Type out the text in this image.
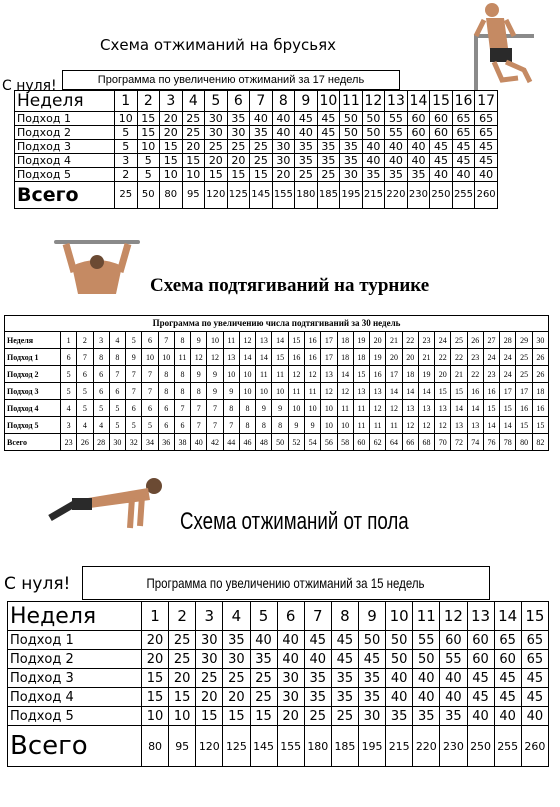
Схема отжиманий на брусьях
С нуля!	Программа по увеличению отжиманий за 17 недель
Неделя	1	2	3	4	5	6	7	8	9	10	11	12	13	14	15	16	17
Подход 1	10	15	20	25	30	35	40	40	45	45	50	50	55	60	60	65	65
Подход 2	5	15	20	25	30	30	35	40	40	45	50	50	55	60	60	65	65
Подход 3	5	10	15	20	25	25	25	30	35	35	35	40	40	40	45	45	45
Подход 4	3	5	15	15	20	20	25	30	35	35	35	40	40	40	45	45	45
Подход 5	2	5	10	10	15	15	15	20	25	25	30	35	35	35	40	40	40
Всего	25	50	80	95	120	125	145	155	180	185	195	215	220	230	250	255	260
Схема подтягиваний на турнике
Программа по увеличению числа подтягиваний за 30 недель																														
Неделя	1	2	3	4	5	6	7	8	9	10	11	12	13	14	15	16	17	18	19	20	21	22	23	24	25	26	27	28	29	30
Подход 1	6	7	8	8	9	10	10	11	12	12	13	14	14	15	16	16	17	18	18	19	20	20	21	22	22	23	24	24	25	26
Подход 2	5	6	6	7	7	7	8	8	9	9	10	10	11	11	12	12	13	14	15	16	17	18	19	20	21	22	23	24	25	26
Подход 3	5	5	6	6	7	7	8	8	8	9	9	10	10	10	11	11	12	12	13	13	14	14	14	15	15	16	16	17	17	18
Подход 4	4	5	5	5	6	6	6	7	7	7	8	8	9	9	10	10	10	11	11	12	12	13	13	13	14	14	15	15	16	16
Подход 5	3	4	4	5	5	5	6	6	7	7	7	8	8	8	9	9	10	10	11	11	11	12	12	12	13	13	14	14	15	15
Всего	23	26	28	30	32	34	36	38	40	42	44	46	48	50	52	54	56	58	60	62	64	66	68	70	72	74	76	78	80	82
Схема отжиманий от пола
С нуля!	Программа по увеличению отжиманий за 15 недель
Неделя	1	2	3	4	5	6	7	8	9	10	11	12	13	14	15
Подход 1	20	25	30	35	40	40	45	45	50	50	55	60	60	65	65
Подход 2	20	25	30	30	35	40	40	45	45	50	50	55	60	60	65
Подход 3	15	20	25	25	25	30	35	35	35	40	40	40	45	45	45
Подход 4	15	15	20	20	25	30	35	35	35	40	40	40	45	45	45
Подход 5	10	10	15	15	15	20	25	25	30	35	35	35	40	40	40
Всего	80	95	120	125	145	155	180	185	195	215	220	230	250	255	260
